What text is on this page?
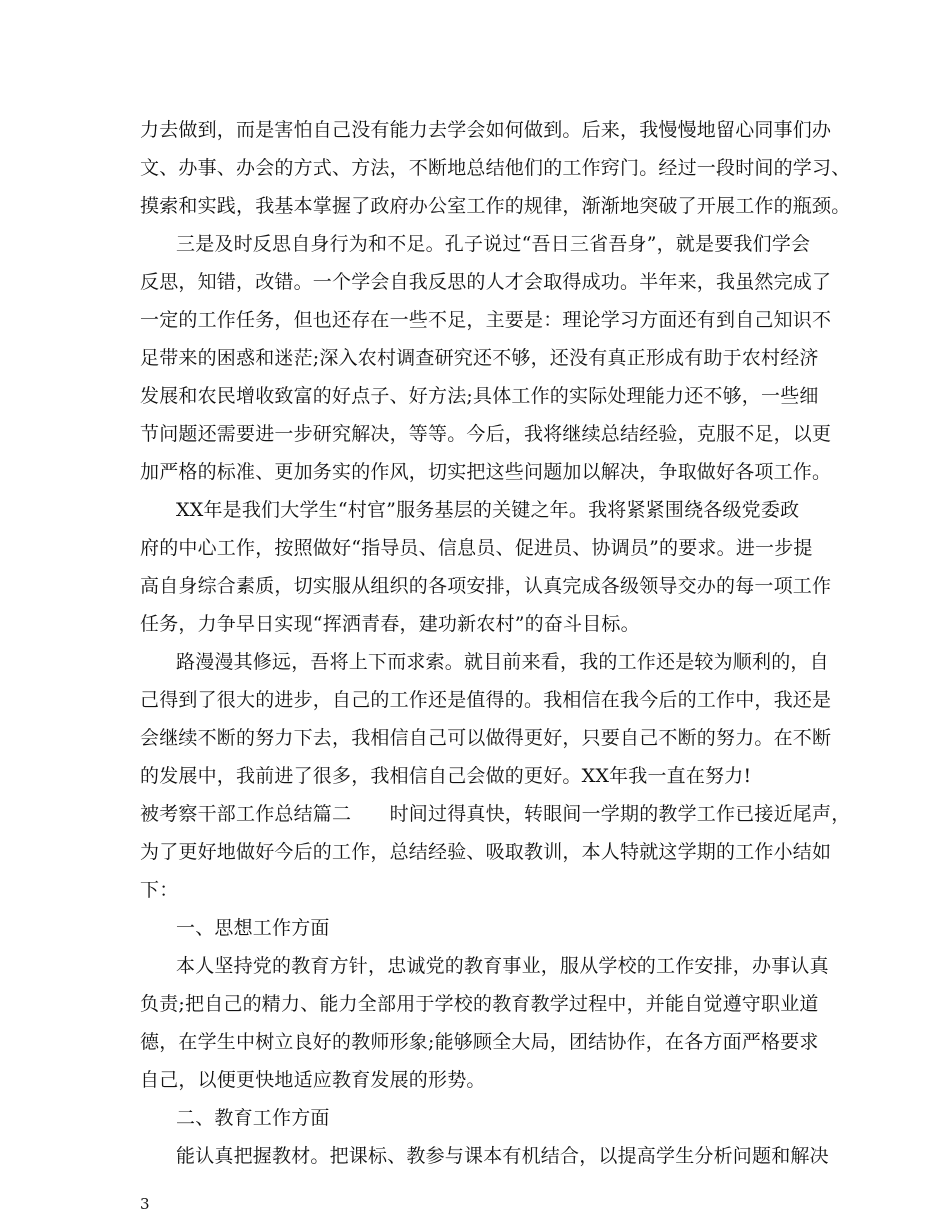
力去做到，而是害怕自己没有能力去学会如何做到。后来，我慢慢地留心同事们办
文、办事、办会的方式、方法，不断地总结他们的工作窍门。经过一段时间的学习、
摸索和实践，我基本掌握了政府办公室工作的规律，渐渐地突破了开展工作的瓶颈。
三是及时反思自身行为和不足。孔子说过“吾日三省吾身”，就是要我们学会
反思，知错，改错。一个学会自我反思的人才会取得成功。半年来，我虽然完成了
一定的工作任务，但也还存在一些不足，主要是：理论学习方面还有到自己知识不
足带来的困惑和迷茫;深入农村调查研究还不够，还没有真正形成有助于农村经济
发展和农民增收致富的好点子、好方法;具体工作的实际处理能力还不够，一些细
节问题还需要进一步研究解决，等等。今后，我将继续总结经验，克服不足，以更
加严格的标准、更加务实的作风，切实把这些问题加以解决，争取做好各项工作。
XX年是我们大学生“村官”服务基层的关键之年。我将紧紧围绕各级党委政
府的中心工作，按照做好“指导员、信息员、促进员、协调员”的要求。进一步提
高自身综合素质，切实服从组织的各项安排，认真完成各级领导交办的每一项工作
任务，力争早日实现“挥洒青春，建功新农村”的奋斗目标。
路漫漫其修远，吾将上下而求索。就目前来看，我的工作还是较为顺利的，自
己得到了很大的进步，自己的工作还是值得的。我相信在我今后的工作中，我还是
会继续不断的努力下去，我相信自己可以做得更好，只要自己不断的努力。在不断
的发展中，我前进了很多，我相信自己会做的更好。XX年我一直在努力!
被考察干部工作总结篇二　　时间过得真快，转眼间一学期的教学工作已接近尾声，
为了更好地做好今后的工作，总结经验、吸取教训，本人特就这学期的工作小结如
下：
一、思想工作方面
本人坚持党的教育方针，忠诚党的教育事业，服从学校的工作安排，办事认真
负责;把自己的精力、能力全部用于学校的教育教学过程中，并能自觉遵守职业道
德，在学生中树立良好的教师形象;能够顾全大局，团结协作，在各方面严格要求
自己，以便更快地适应教育发展的形势。
二、教育工作方面
能认真把握教材。把课标、教参与课本有机结合，以提高学生分析问题和解决
3
